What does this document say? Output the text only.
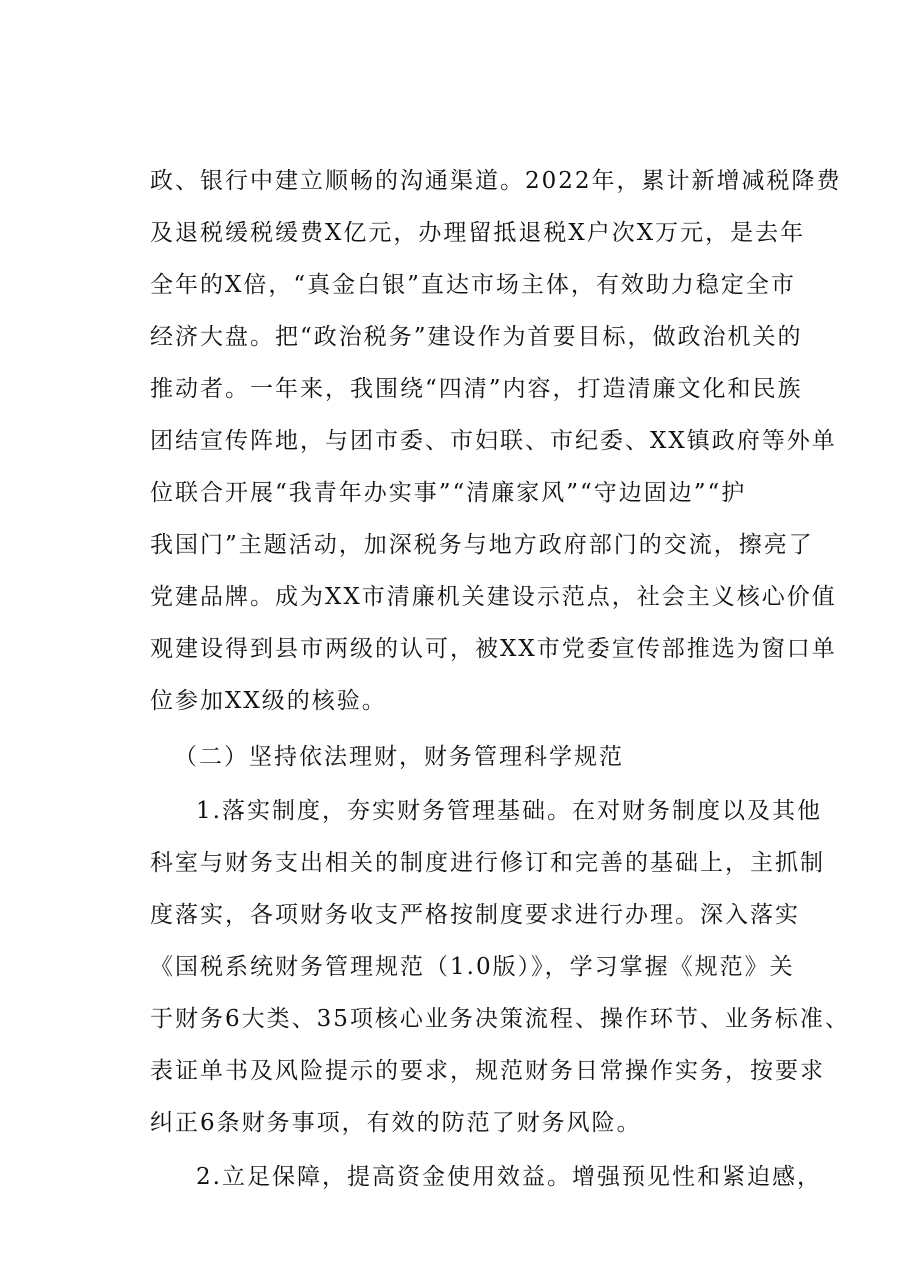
政、银行中建立顺畅的沟通渠道。2022年，累计新增减税降费

及退税缓税缓费X亿元，办理留抵退税X户次X万元，是去年

全年的X倍，“真金白银”直达市场主体，有效助力稳定全市

经济大盘。把“政治税务”建设作为首要目标，做政治机关的

推动者。一年来，我围绕“四清”内容，打造清廉文化和民族

团结宣传阵地，与团市委、市妇联、市纪委、XX镇政府等外单

位联合开展“我青年办实事”“清廉家风”“守边固边”“护

我国门”主题活动，加深税务与地方政府部门的交流，擦亮了

党建品牌。成为XX市清廉机关建设示范点，社会主义核心价值

观建设得到县市两级的认可，被XX市党委宣传部推选为窗口单

位参加XX级的核验。

（二）坚持依法理财，财务管理科学规范

1.落实制度，夯实财务管理基础。在对财务制度以及其他

科室与财务支出相关的制度进行修订和完善的基础上，主抓制

度落实，各项财务收支严格按制度要求进行办理。深入落实

《国税系统财务管理规范（1.0版）》，学习掌握《规范》关

于财务6大类、35项核心业务决策流程、操作环节、业务标准、

表证单书及风险提示的要求，规范财务日常操作实务，按要求

纠正6条财务事项，有效的防范了财务风险。

2.立足保障，提高资金使用效益。增强预见性和紧迫感，
